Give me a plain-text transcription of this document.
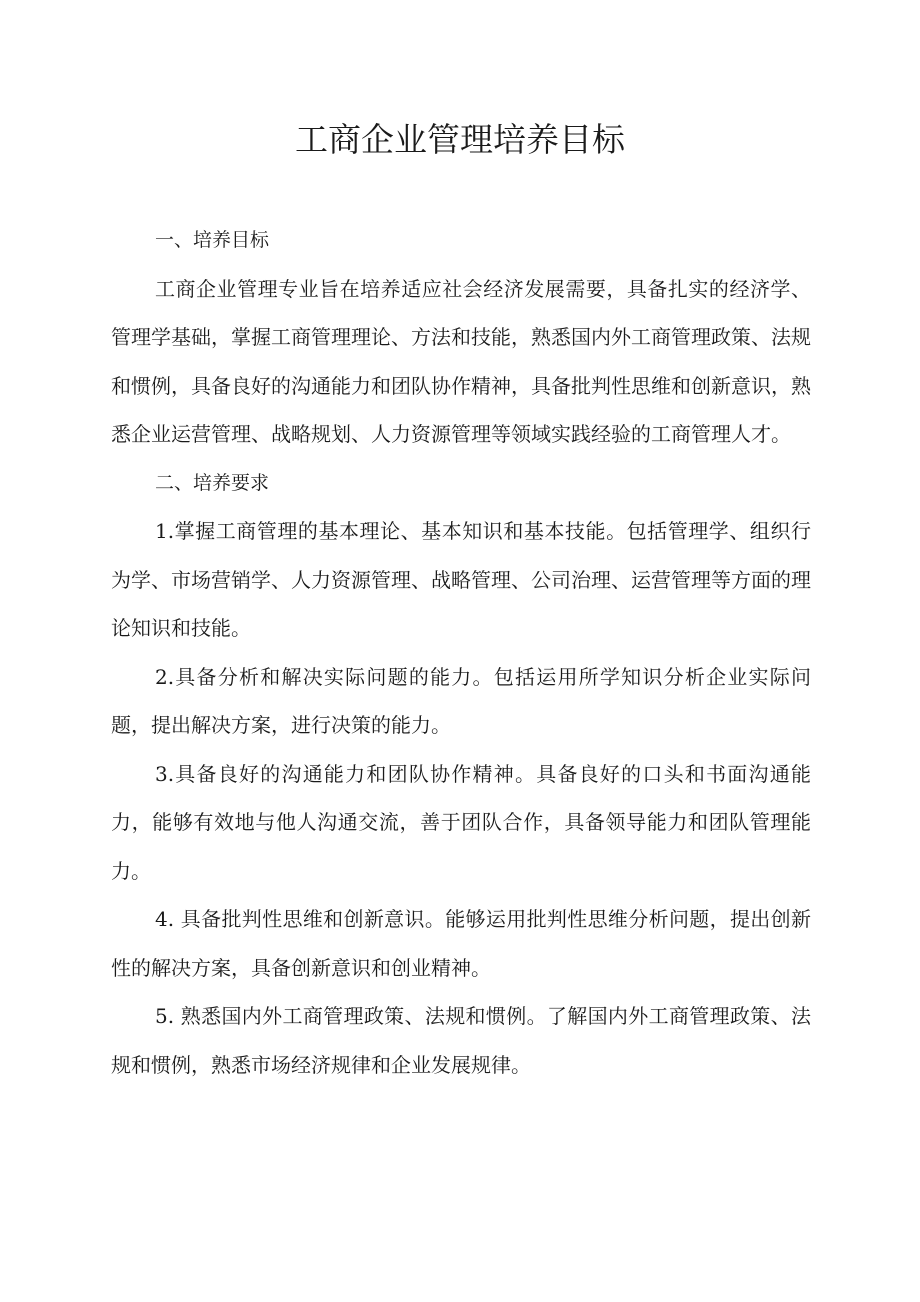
工商企业管理培养目标
一、培养目标

工商企业管理专业旨在培养适应社会经济发展需要，具备扎实的经济学、管理学基础，掌握工商管理理论、方法和技能，熟悉国内外工商管理政策、法规和惯例，具备良好的沟通能力和团队协作精神，具备批判性思维和创新意识，熟悉企业运营管理、战略规划、人力资源管理等领域实践经验的工商管理人才。

二、培养要求

1.掌握工商管理的基本理论、基本知识和基本技能。包括管理学、组织行为学、市场营销学、人力资源管理、战略管理、公司治理、运营管理等方面的理论知识和技能。

2.具备分析和解决实际问题的能力。包括运用所学知识分析企业实际问题，提出解决方案，进行决策的能力。

3.具备良好的沟通能力和团队协作精神。具备良好的口头和书面沟通能力，能够有效地与他人沟通交流，善于团队合作，具备领导能力和团队管理能力。

4. 具备批判性思维和创新意识。能够运用批判性思维分析问题，提出创新性的解决方案，具备创新意识和创业精神。

5. 熟悉国内外工商管理政策、法规和惯例。了解国内外工商管理政策、法规和惯例，熟悉市场经济规律和企业发展规律。
